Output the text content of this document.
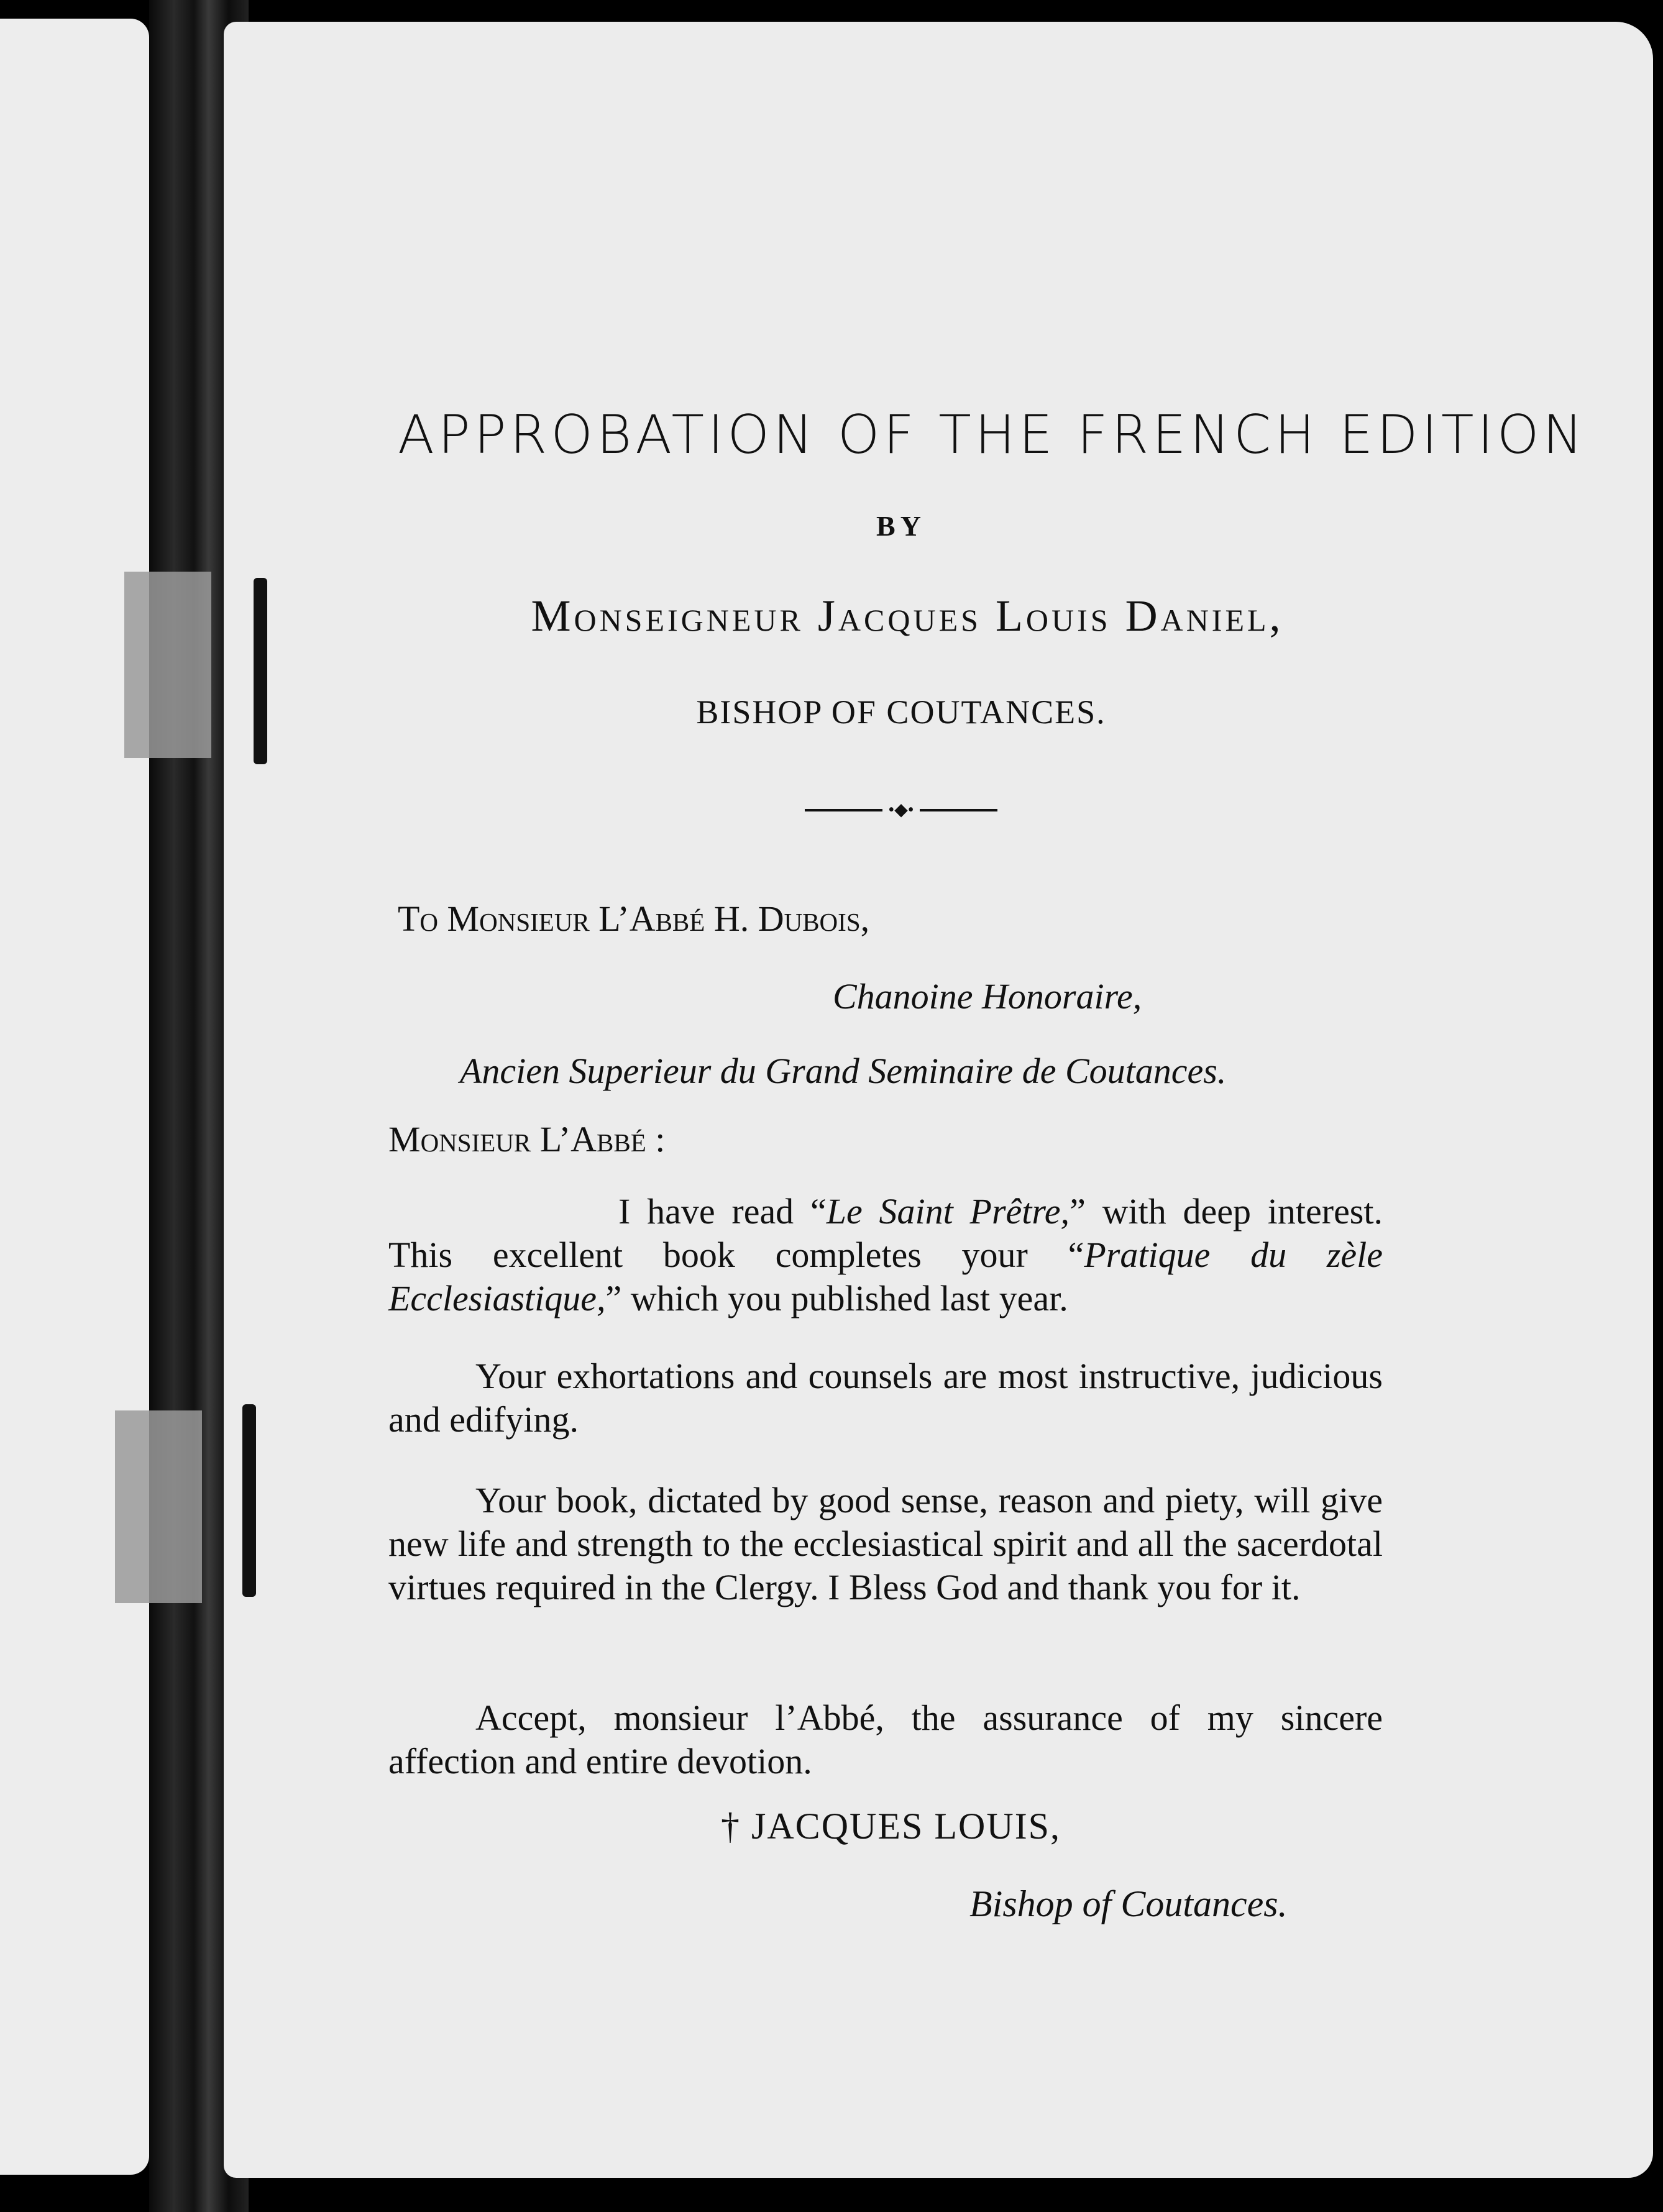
APPROBATION OF THE FRENCH EDITION
BY
Monseigneur Jacques Louis Daniel,
BISHOP OF COUTANCES.
•◆•
To Monsieur L’Abbé H. Dubois,
Chanoine Honoraire,
Ancien Superieur du Grand Seminaire de Coutances.
Monsieur L’Abbé :
I have read “Le Saint Prêtre,” with deep interest. This excellent book completes your “Pratique du zèle Ecclesiastique,” which you published last year.
Your exhortations and counsels are most instructive, judicious and edifying.
Your book, dictated by good sense, reason and piety, will give new life and strength to the ecclesiastical spirit and all the sacerdotal virtues required in the Clergy. I Bless God and thank you for it.
Accept, monsieur l’Abbé, the assurance of my sincere affection and entire devotion.
† JACQUES LOUIS,
Bishop of Coutances.
